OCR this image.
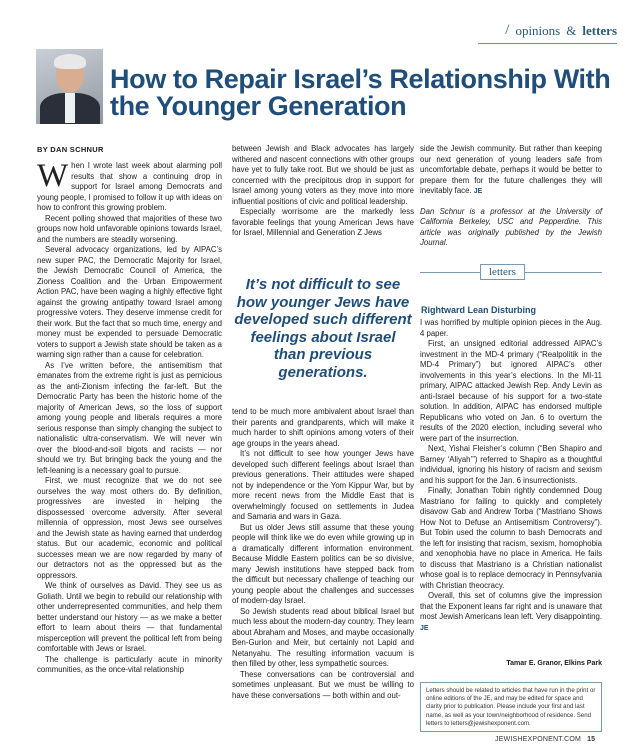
/ opinions & letters
How to Repair Israel’s Relationship With the Younger Generation
BY DAN SCHNUR

When I wrote last week about alarming poll results that show a continuing drop in support for Israel among Democrats and young people, I promised to follow it up with ideas on how to confront this growing problem.

Recent polling showed that majorities of these two groups now hold unfavorable opinions towards Israel, and the numbers are steadily worsening.

Several advocacy organizations, led by AIPAC’s new super PAC, the Democratic Majority for Israel, the Jewish Democratic Council of America, the Zioness Coalition and the Urban Empowerment Action PAC, have been waging a highly effective fight against the growing antipathy toward Israel among progressive voters. They deserve immense credit for their work. But the fact that so much time, energy and money must be expended to persuade Democratic voters to support a Jewish state should be taken as a warning sign rather than a cause for celebration.

As I’ve written before, the antisemitism that emanates from the extreme right is just as pernicious as the anti-Zionism infecting the far-left. But the Democratic Party has been the historic home of the majority of American Jews, so the loss of support among young people and liberals requires a more serious response than simply changing the subject to nationalistic ultra-conservatism. We will never win over the blood-and-soil bigots and racists — nor should we try. But bringing back the young and the left-leaning is a necessary goal to pursue.

First, we must recognize that we do not see ourselves the way most others do. By definition, progressives are invested in helping the dispossessed overcome adversity. After several millennia of oppression, most Jews see ourselves and the Jewish state as having earned that underdog status. But our academic, economic and political successes mean we are now regarded by many of our detractors not as the oppressed but as the oppressors.

We think of ourselves as David. They see us as Goliath. Until we begin to rebuild our relationship with other underrepresented communities, and help them better understand our history — as we make a better effort to learn about theirs — that fundamental misperception will prevent the political left from being comfortable with Jews or Israel.

The challenge is particularly acute in minority communities, as the once-vital relationship

between Jewish and Black advocates has largely withered and nascent connections with other groups have yet to fully take root. But we should be just as concerned with the precipitous drop in support for Israel among young voters as they move into more influential positions of civic and political leadership.

Especially worrisome are the markedly less favorable feelings that young American Jews have for Israel, Millennial and Generation Z Jews

It’s not difficult to see how younger Jews have developed such different feelings about Israel than previous generations.

tend to be much more ambivalent about Israel than their parents and grandparents, which will make it much harder to shift opinions among voters of their age groups in the years ahead.

It’s not difficult to see how younger Jews have developed such different feelings about Israel than previous generations. Their attitudes were shaped not by independence or the Yom Kippur War, but by more recent news from the Middle East that is overwhelmingly focused on settlements in Judea and Samaria and wars in Gaza.

But us older Jews still assume that these young people will think like we do even while growing up in a dramatically different information environment. Because Middle Eastern politics can be so divisive, many Jewish institutions have stepped back from the difficult but necessary challenge of teaching our young people about the challenges and successes of modern-day Israel.

So Jewish students read about biblical Israel but much less about the modern-day country. They learn about Abraham and Moses, and maybe occasionally Ben-Gurion and Meir, but certainly not Lapid and Netanyahu. The resulting information vacuum is then filled by other, less sympathetic sources.

These conversations can be controversial and sometimes unpleasant. But we must be willing to have these conversations — both within and out-

side the Jewish community. But rather than keeping our next generation of young leaders safe from uncomfortable debate, perhaps it would be better to prepare them for the future challenges they will inevitably face. JE

Dan Schnur is a professor at the University of California Berkeley, USC and Pepperdine. This article was originally published by the Jewish Journal.

letters
Rightward Lean Disturbing

I was horrified by multiple opinion pieces in the Aug. 4 paper.

First, an unsigned editorial addressed AIPAC’s investment in the MD-4 primary (“Realpolitik in the MD-4 Primary”) but ignored AIPAC’s other involvements in this year’s elections. In the MI-11 primary, AIPAC attacked Jewish Rep. Andy Levin as anti-Israel because of his support for a two-state solution. In addition, AIPAC has endorsed multiple Republicans who voted on Jan. 6 to overturn the results of the 2020 election, including several who were part of the insurrection.

Next, Yishai Fleisher’s column (“Ben Shapiro and Barney ‘Aliyah’”) referred to Shapiro as a thoughtful individual, ignoring his history of racism and sexism and his support for the Jan. 6 insurrectionists.

Finally, Jonathan Tobin rightly condemned Doug Mastriano for failing to quickly and completely disavow Gab and Andrew Torba (“Mastriano Shows How Not to Defuse an Antisemitism Controversy”). But Tobin used the column to bash Democrats and the left for insisting that racism, sexism, homophobia and xenophobia have no place in America. He fails to discuss that Mastriano is a Christian nationalist whose goal is to replace democracy in Pennsylvania with Christian theocracy.

Overall, this set of columns give the impression that the Exponent leans far right and is unaware that most Jewish Americans lean left. Very disappointing. JE

Tamar E. Granor, Elkins Park
Letters should be related to articles that have run in the print or online editions of the JE, and may be edited for space and clarity prior to publication. Please include your first and last name, as well as your town/neighborhood of residence. Send letters to letters@jewishexponent.com.
JEWISHEXPONENT.COM 15
